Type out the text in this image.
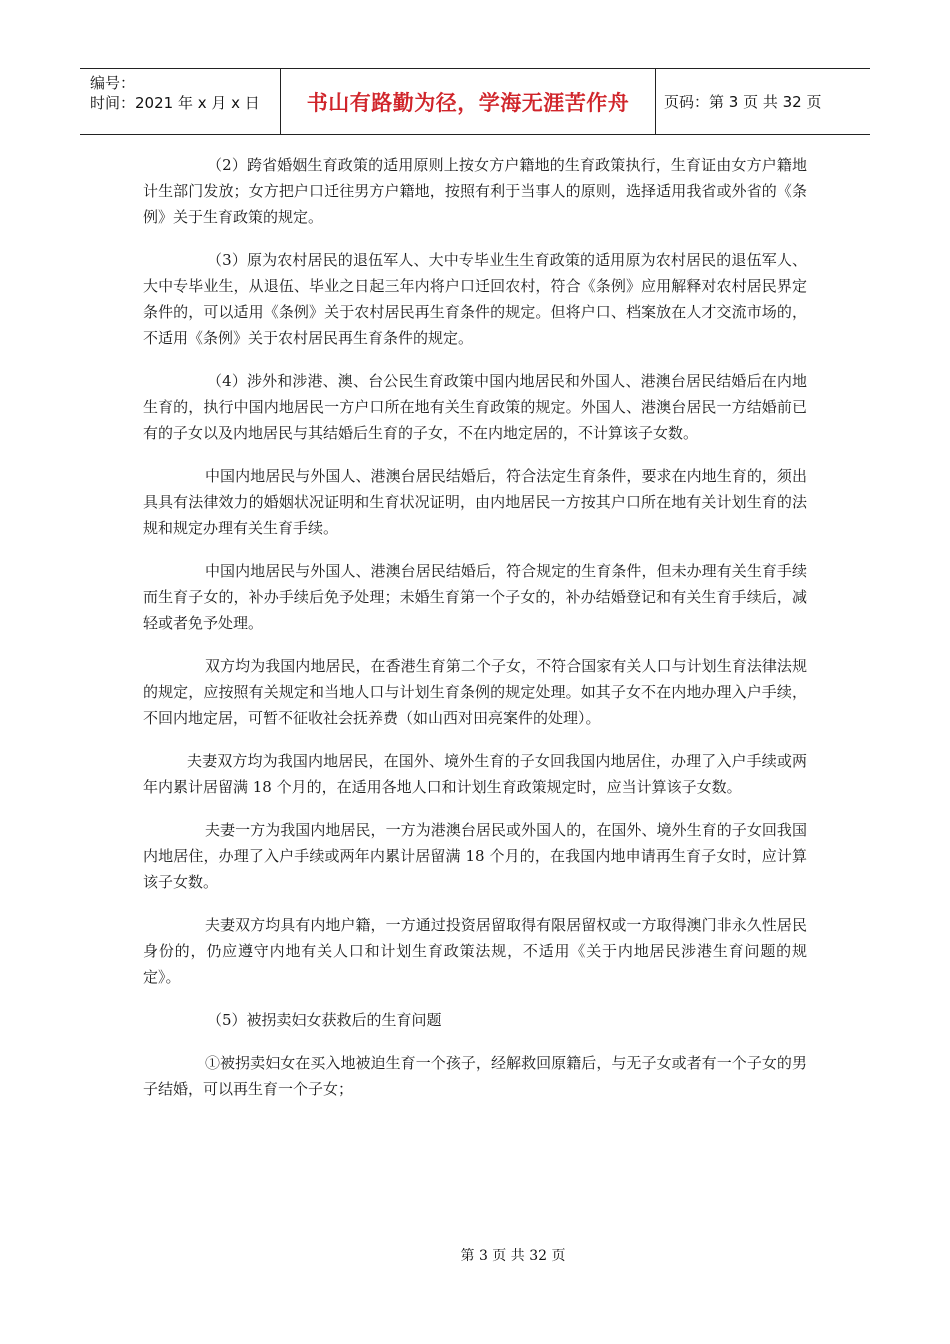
编号：
时间：2021 年 x 月 x 日	书山有路勤为径，学海无涯苦作舟	页码：第 3 页 共 32 页

（2）跨省婚姻生育政策的适用原则上按女方户籍地的生育政策执行，生育证由女方户籍地计生部门发放；女方把户口迁往男方户籍地，按照有利于当事人的原则，选择适用我省或外省的《条例》关于生育政策的规定。

（3）原为农村居民的退伍军人、大中专毕业生生育政策的适用原为农村居民的退伍军人、大中专毕业生，从退伍、毕业之日起三年内将户口迁回农村，符合《条例》应用解释对农村居民界定条件的，可以适用《条例》关于农村居民再生育条件的规定。但将户口、档案放在人才交流市场的，不适用《条例》关于农村居民再生育条件的规定。

（4）涉外和涉港、澳、台公民生育政策中国内地居民和外国人、港澳台居民结婚后在内地生育的，执行中国内地居民一方户口所在地有关生育政策的规定。外国人、港澳台居民一方结婚前已有的子女以及内地居民与其结婚后生育的子女，不在内地定居的，不计算该子女数。

中国内地居民与外国人、港澳台居民结婚后，符合法定生育条件，要求在内地生育的，须出具具有法律效力的婚姻状况证明和生育状况证明，由内地居民一方按其户口所在地有关计划生育的法规和规定办理有关生育手续。

中国内地居民与外国人、港澳台居民结婚后，符合规定的生育条件，但未办理有关生育手续而生育子女的，补办手续后免予处理；未婚生育第一个子女的，补办结婚登记和有关生育手续后，减轻或者免予处理。

双方均为我国内地居民，在香港生育第二个子女，不符合国家有关人口与计划生育法律法规的规定，应按照有关规定和当地人口与计划生育条例的规定处理。如其子女不在内地办理入户手续，不回内地定居，可暂不征收社会抚养费（如山西对田亮案件的处理）。

夫妻双方均为我国内地居民，在国外、境外生育的子女回我国内地居住，办理了入户手续或两年内累计居留满 18 个月的，在适用各地人口和计划生育政策规定时，应当计算该子女数。

夫妻一方为我国内地居民，一方为港澳台居民或外国人的，在国外、境外生育的子女回我国内地居住，办理了入户手续或两年内累计居留满 18 个月的，在我国内地申请再生育子女时，应计算该子女数。

夫妻双方均具有内地户籍，一方通过投资居留取得有限居留权或一方取得澳门非永久性居民身份的，仍应遵守内地有关人口和计划生育政策法规，不适用《关于内地居民涉港生育问题的规定》。

（5）被拐卖妇女获救后的生育问题

①被拐卖妇女在买入地被迫生育一个孩子，经解救回原籍后，与无子女或者有一个子女的男子结婚，可以再生育一个子女；

第 3 页 共 32 页
